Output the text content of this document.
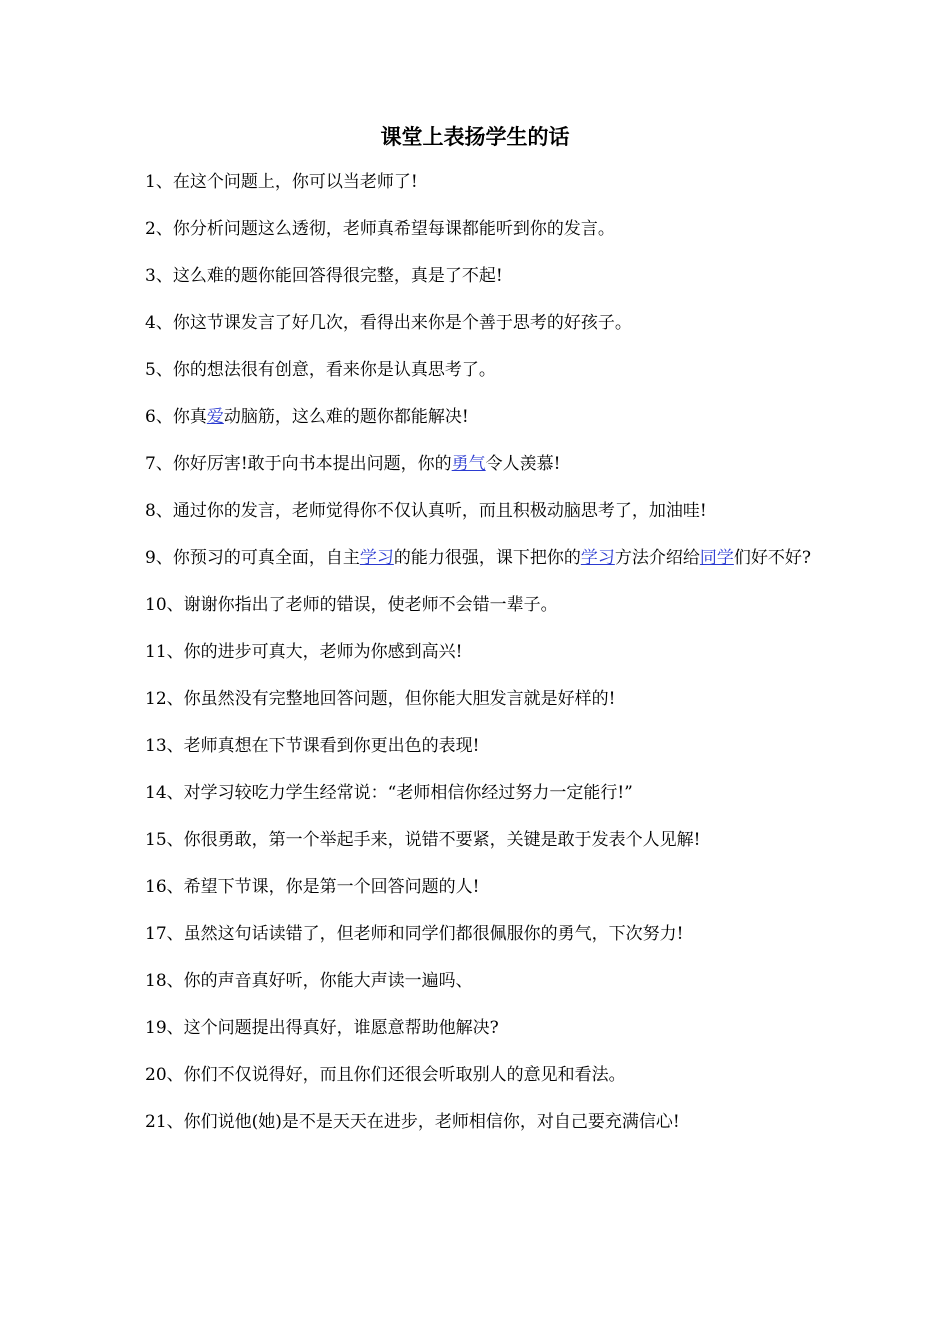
课堂上表扬学生的话
1、在这个问题上，你可以当老师了!
2、你分析问题这么透彻，老师真希望每课都能听到你的发言。
3、这么难的题你能回答得很完整，真是了不起!
4、你这节课发言了好几次，看得出来你是个善于思考的好孩子。
5、你的想法很有创意，看来你是认真思考了。
6、你真爱动脑筋，这么难的题你都能解决!
7、你好厉害!敢于向书本提出问题，你的勇气令人羡慕!
8、通过你的发言，老师觉得你不仅认真听，而且积极动脑思考了，加油哇!
9、你预习的可真全面，自主学习的能力很强，课下把你的学习方法介绍给同学们好不好?
10、谢谢你指出了老师的错误，使老师不会错一辈子。
11、你的进步可真大，老师为你感到高兴!
12、你虽然没有完整地回答问题，但你能大胆发言就是好样的!
13、老师真想在下节课看到你更出色的表现!
14、对学习较吃力学生经常说：“老师相信你经过努力一定能行!”
15、你很勇敢，第一个举起手来，说错不要紧，关键是敢于发表个人见解!
16、希望下节课，你是第一个回答问题的人!
17、虽然这句话读错了，但老师和同学们都很佩服你的勇气，下次努力!
18、你的声音真好听，你能大声读一遍吗、
19、这个问题提出得真好，谁愿意帮助他解决?
20、你们不仅说得好，而且你们还很会听取别人的意见和看法。
21、你们说他(她)是不是天天在进步，老师相信你，对自己要充满信心!
